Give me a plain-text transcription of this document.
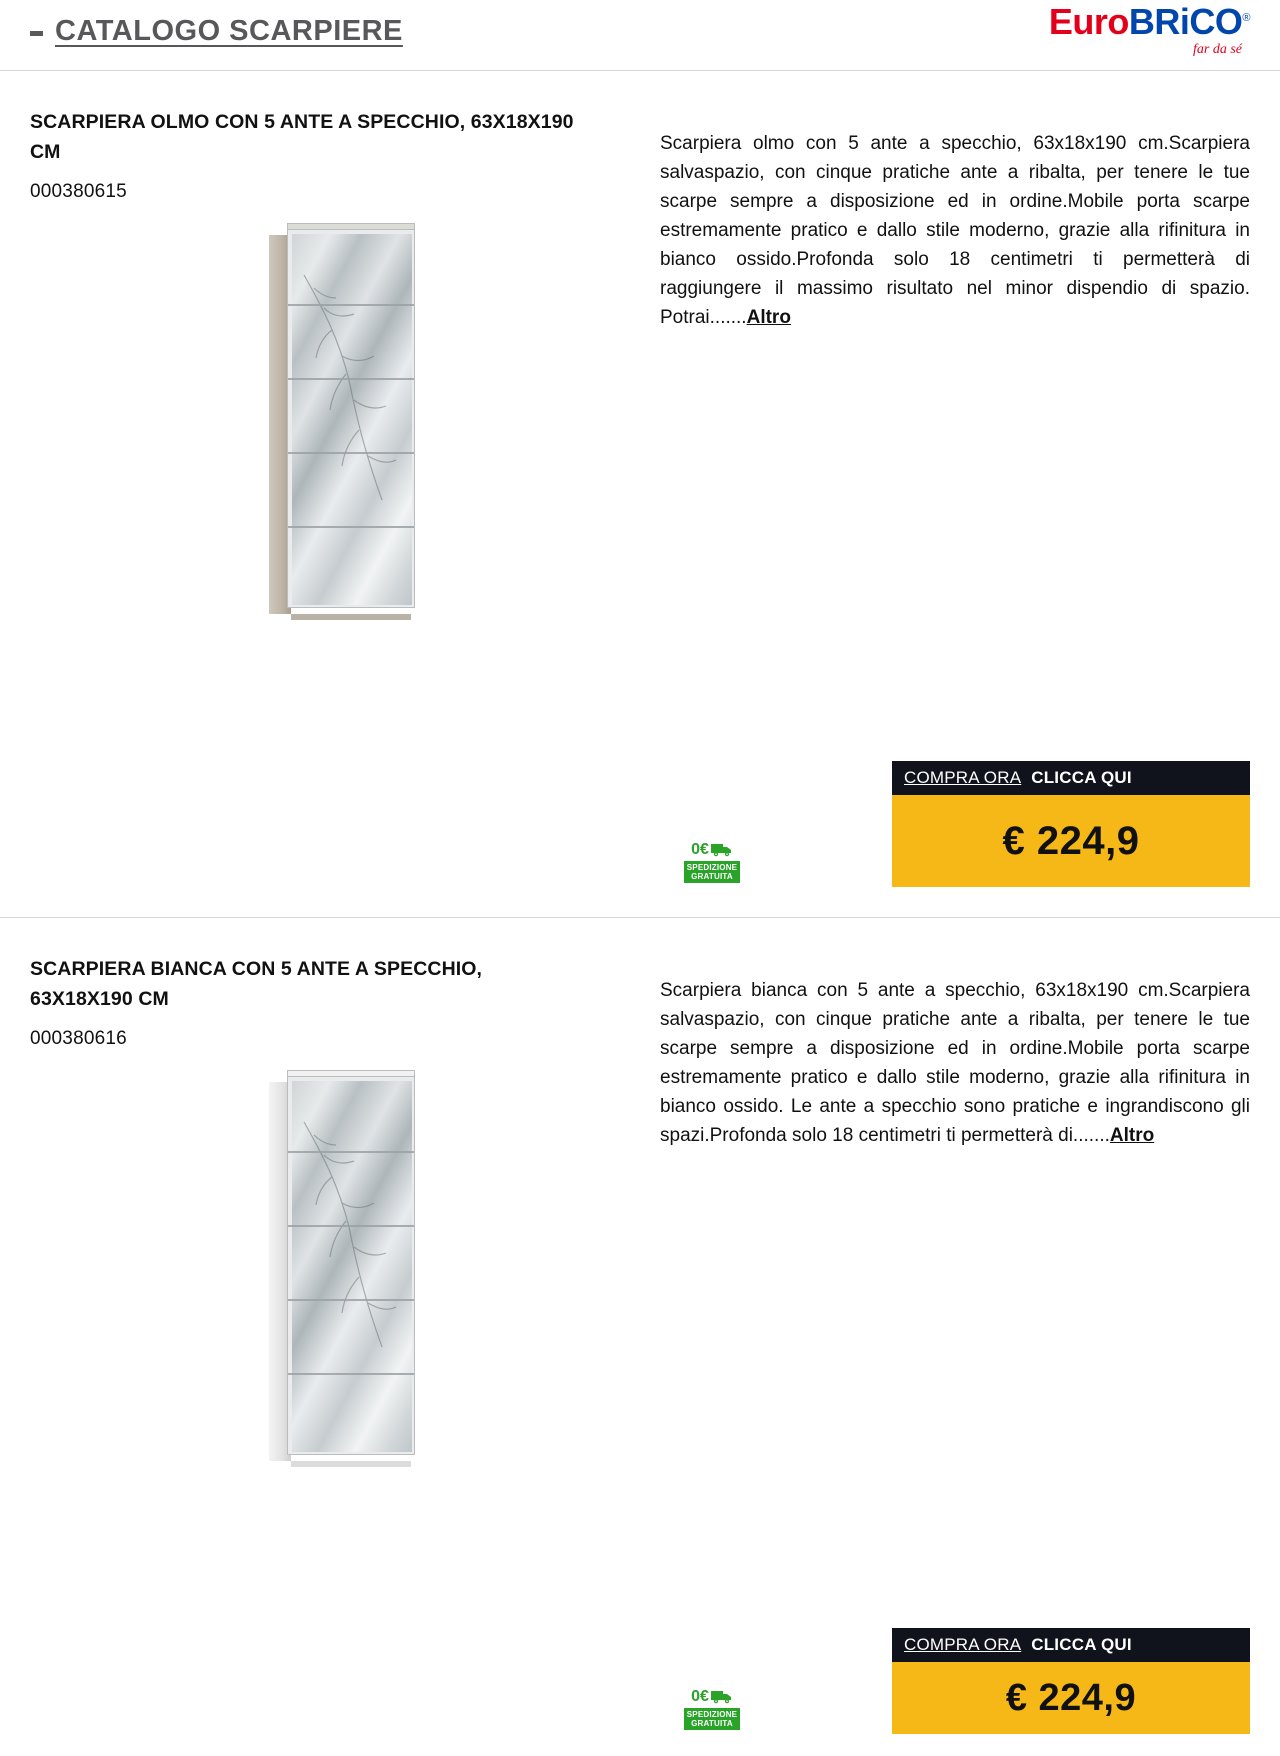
CATALOGO SCARPIERE	EuroBRiCO®
far da sé
SCARPIERA OLMO CON 5 ANTE A SPECCHIO, 63X18X190 CM
000380615
Scarpiera olmo con 5 ante a specchio, 63x18x190 cm.Scarpiera salvaspazio, con cinque pratiche ante a ribalta, per tenere le tue scarpe sempre a disposizione ed in ordine.Mobile porta scarpe estremamente pratico e dallo stile moderno, grazie alla rifinitura in bianco ossido.Profonda solo 18 centimetri ti permetterà di raggiungere il massimo risultato nel minor dispendio di spazio. Potrai.......Altro
0€
SPEDIZIONE
GRATUITA
COMPRA ORA CLICCA QUI
€ 224,9
SCARPIERA BIANCA CON 5 ANTE A SPECCHIO, 63X18X190 CM
000380616
Scarpiera bianca con 5 ante a specchio, 63x18x190 cm.Scarpiera salvaspazio, con cinque pratiche ante a ribalta, per tenere le tue scarpe sempre a disposizione ed in ordine.Mobile porta scarpe estremamente pratico e dallo stile moderno, grazie alla rifinitura in bianco ossido. Le ante a specchio sono pratiche e ingrandiscono gli spazi.Profonda solo 18 centimetri ti permetterà di.......Altro
0€
SPEDIZIONE
GRATUITA
COMPRA ORA CLICCA QUI
€ 224,9
